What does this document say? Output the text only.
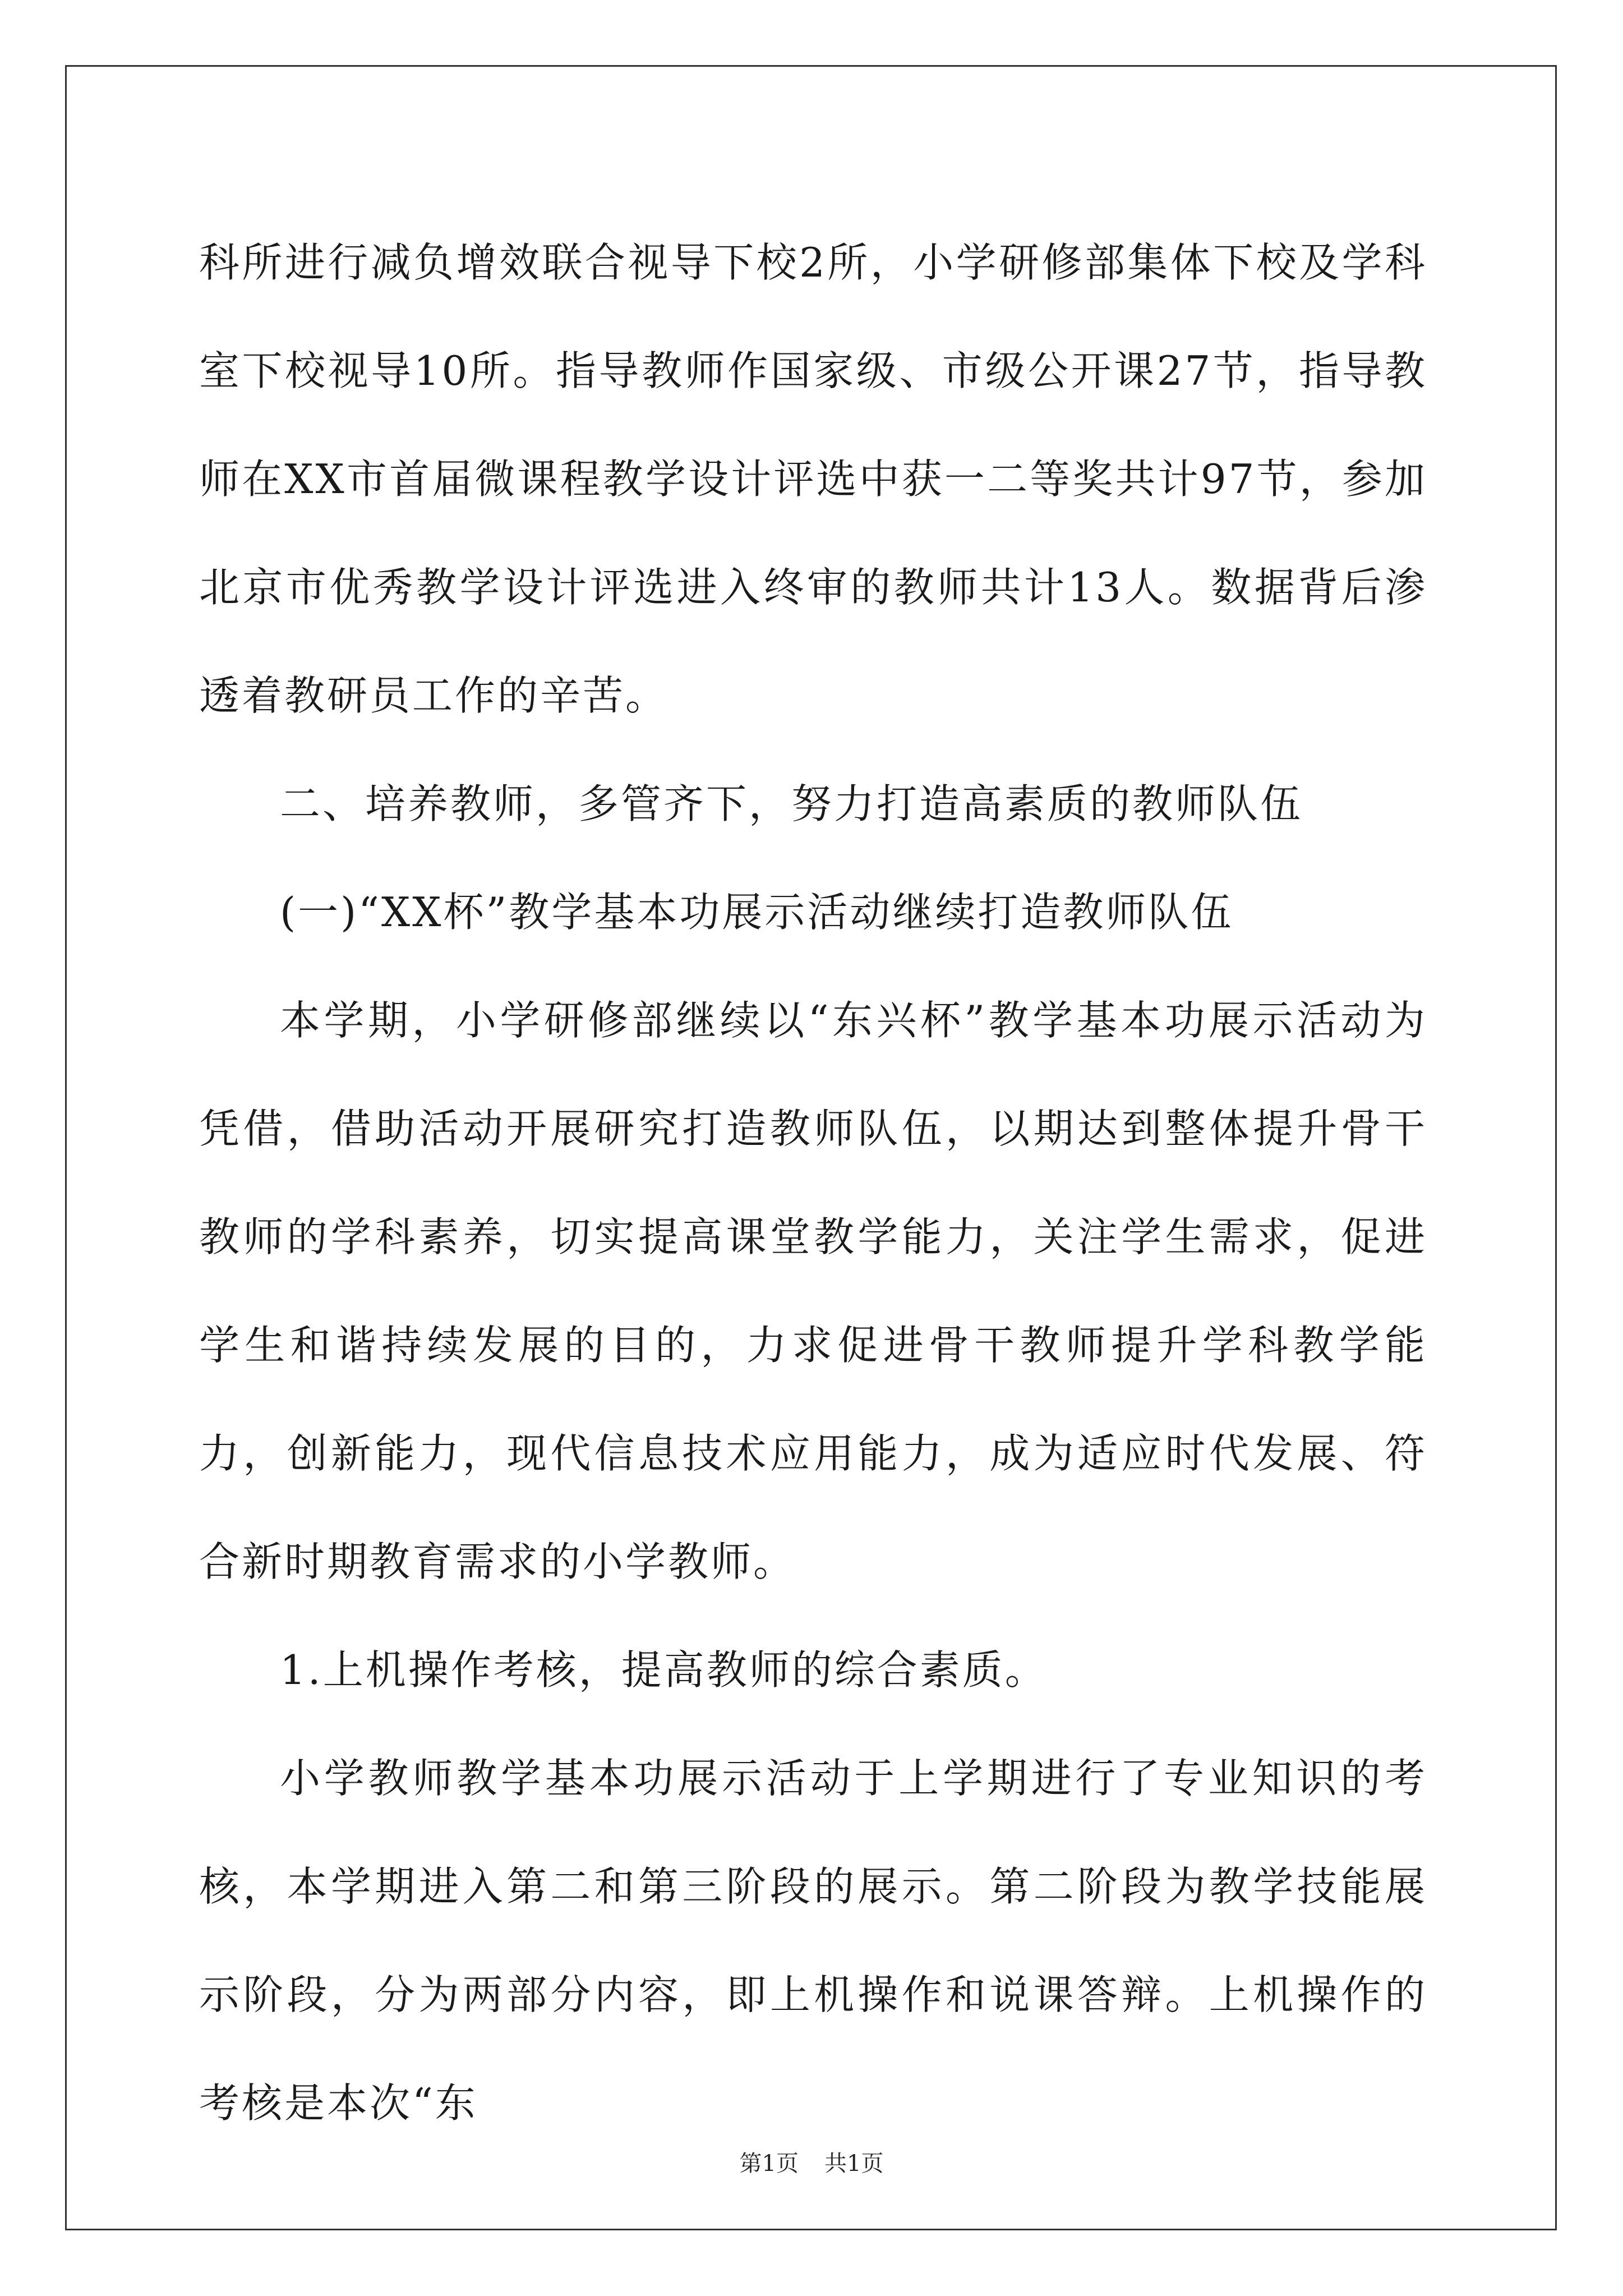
科所进行减负增效联合视导下校2所，小学研修部集体下校及学科室下校视导10所。指导教师作国家级、市级公开课27节，指导教师在XX市首届微课程教学设计评选中获一二等奖共计97节，参加北京市优秀教学设计评选进入终审的教师共计13人。数据背后渗透着教研员工作的辛苦。

二、培养教师，多管齐下，努力打造高素质的教师队伍

(一)“XX杯”教学基本功展示活动继续打造教师队伍

本学期，小学研修部继续以“东兴杯”教学基本功展示活动为凭借，借助活动开展研究打造教师队伍，以期达到整体提升骨干教师的学科素养，切实提高课堂教学能力，关注学生需求，促进学生和谐持续发展的目的，力求促进骨干教师提升学科教学能力，创新能力，现代信息技术应用能力，成为适应时代发展、符合新时期教育需求的小学教师。

1.上机操作考核，提高教师的综合素质。

小学教师教学基本功展示活动于上学期进行了专业知识的考核，本学期进入第二和第三阶段的展示。第二阶段为教学技能展示阶段，分为两部分内容，即上机操作和说课答辩。上机操作的考核是本次“东

第1页 共1页
